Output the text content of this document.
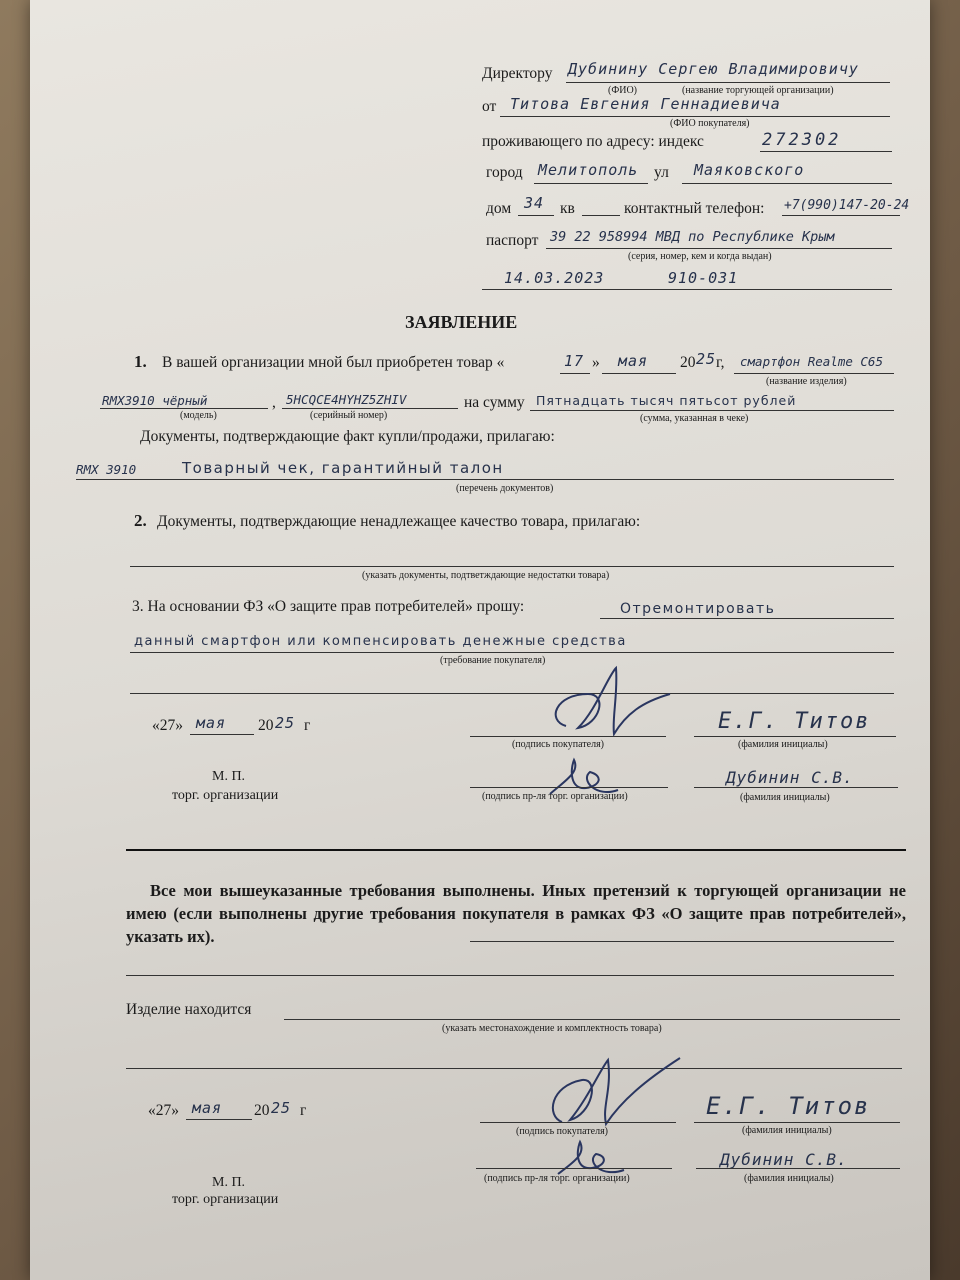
Директору Дубинину Сергею Владимировичу
(ФИО)	(название торгующей организации)
от Титова Евгения Геннадиевича
(ФИО покупателя)
проживающего по адресу: индекс	272302
город Мелитополь ул Маяковского
дом 34 кв	контактный телефон: +7(990)147-20-24
паспорт 39 22 958994 МВД по Республике Крым
(серия, номер, кем и когда выдан)
14.03.2023	910-031
ЗАЯВЛЕНИЕ
1. В вашей организации мной был приобретен товар «	17 » мая 20 25 г, смартфон Realme C65
(название изделия)
RMX3910 чёрный	,
(модель)
5HCQCE4HYHZ5ZHIV
(серийный номер)
на сумму Пятнадцать тысяч пятьсот рублей
(сумма, указанная в чеке)
Документы, подтверждающие факт купли/продажи, прилагаю:
RMX 3910	Товарный чек, гарантийный талон
(перечень документов)
2. Документы, подтверждающие ненадлежащее качество товара, прилагаю:
(указать документы, подтветждающие недостатки товара)
3. На основании ФЗ «О защите прав потребителей» прошу:	Отремонтировать
данный смартфон или компенсировать денежные средства
(требование покупателя)
«27» мая 20 25 г
(подпись покупателя)
Е.Г. Титов
(фамилия инициалы)
М. П.
торг. организации	(подпись пр-ля торг. организации)
Дубинин С.В.
(фамилия инициалы)
Все мои вышеуказанные требования выполнены. Иных претензий к торгующей организации не имею (если выполнены другие требования покупателя в рамках ФЗ «О защите прав потребителей», указать их).
Изделие находится
(указать местонахождение и комплектность товара)
«27» мая 20 25 г
(подпись покупателя)
Е.Г. Титов
(фамилия инициалы)
М. П.
торг. организации
(подпись пр-ля торг. организации)
Дубинин С.В.
(фамилия инициалы)
